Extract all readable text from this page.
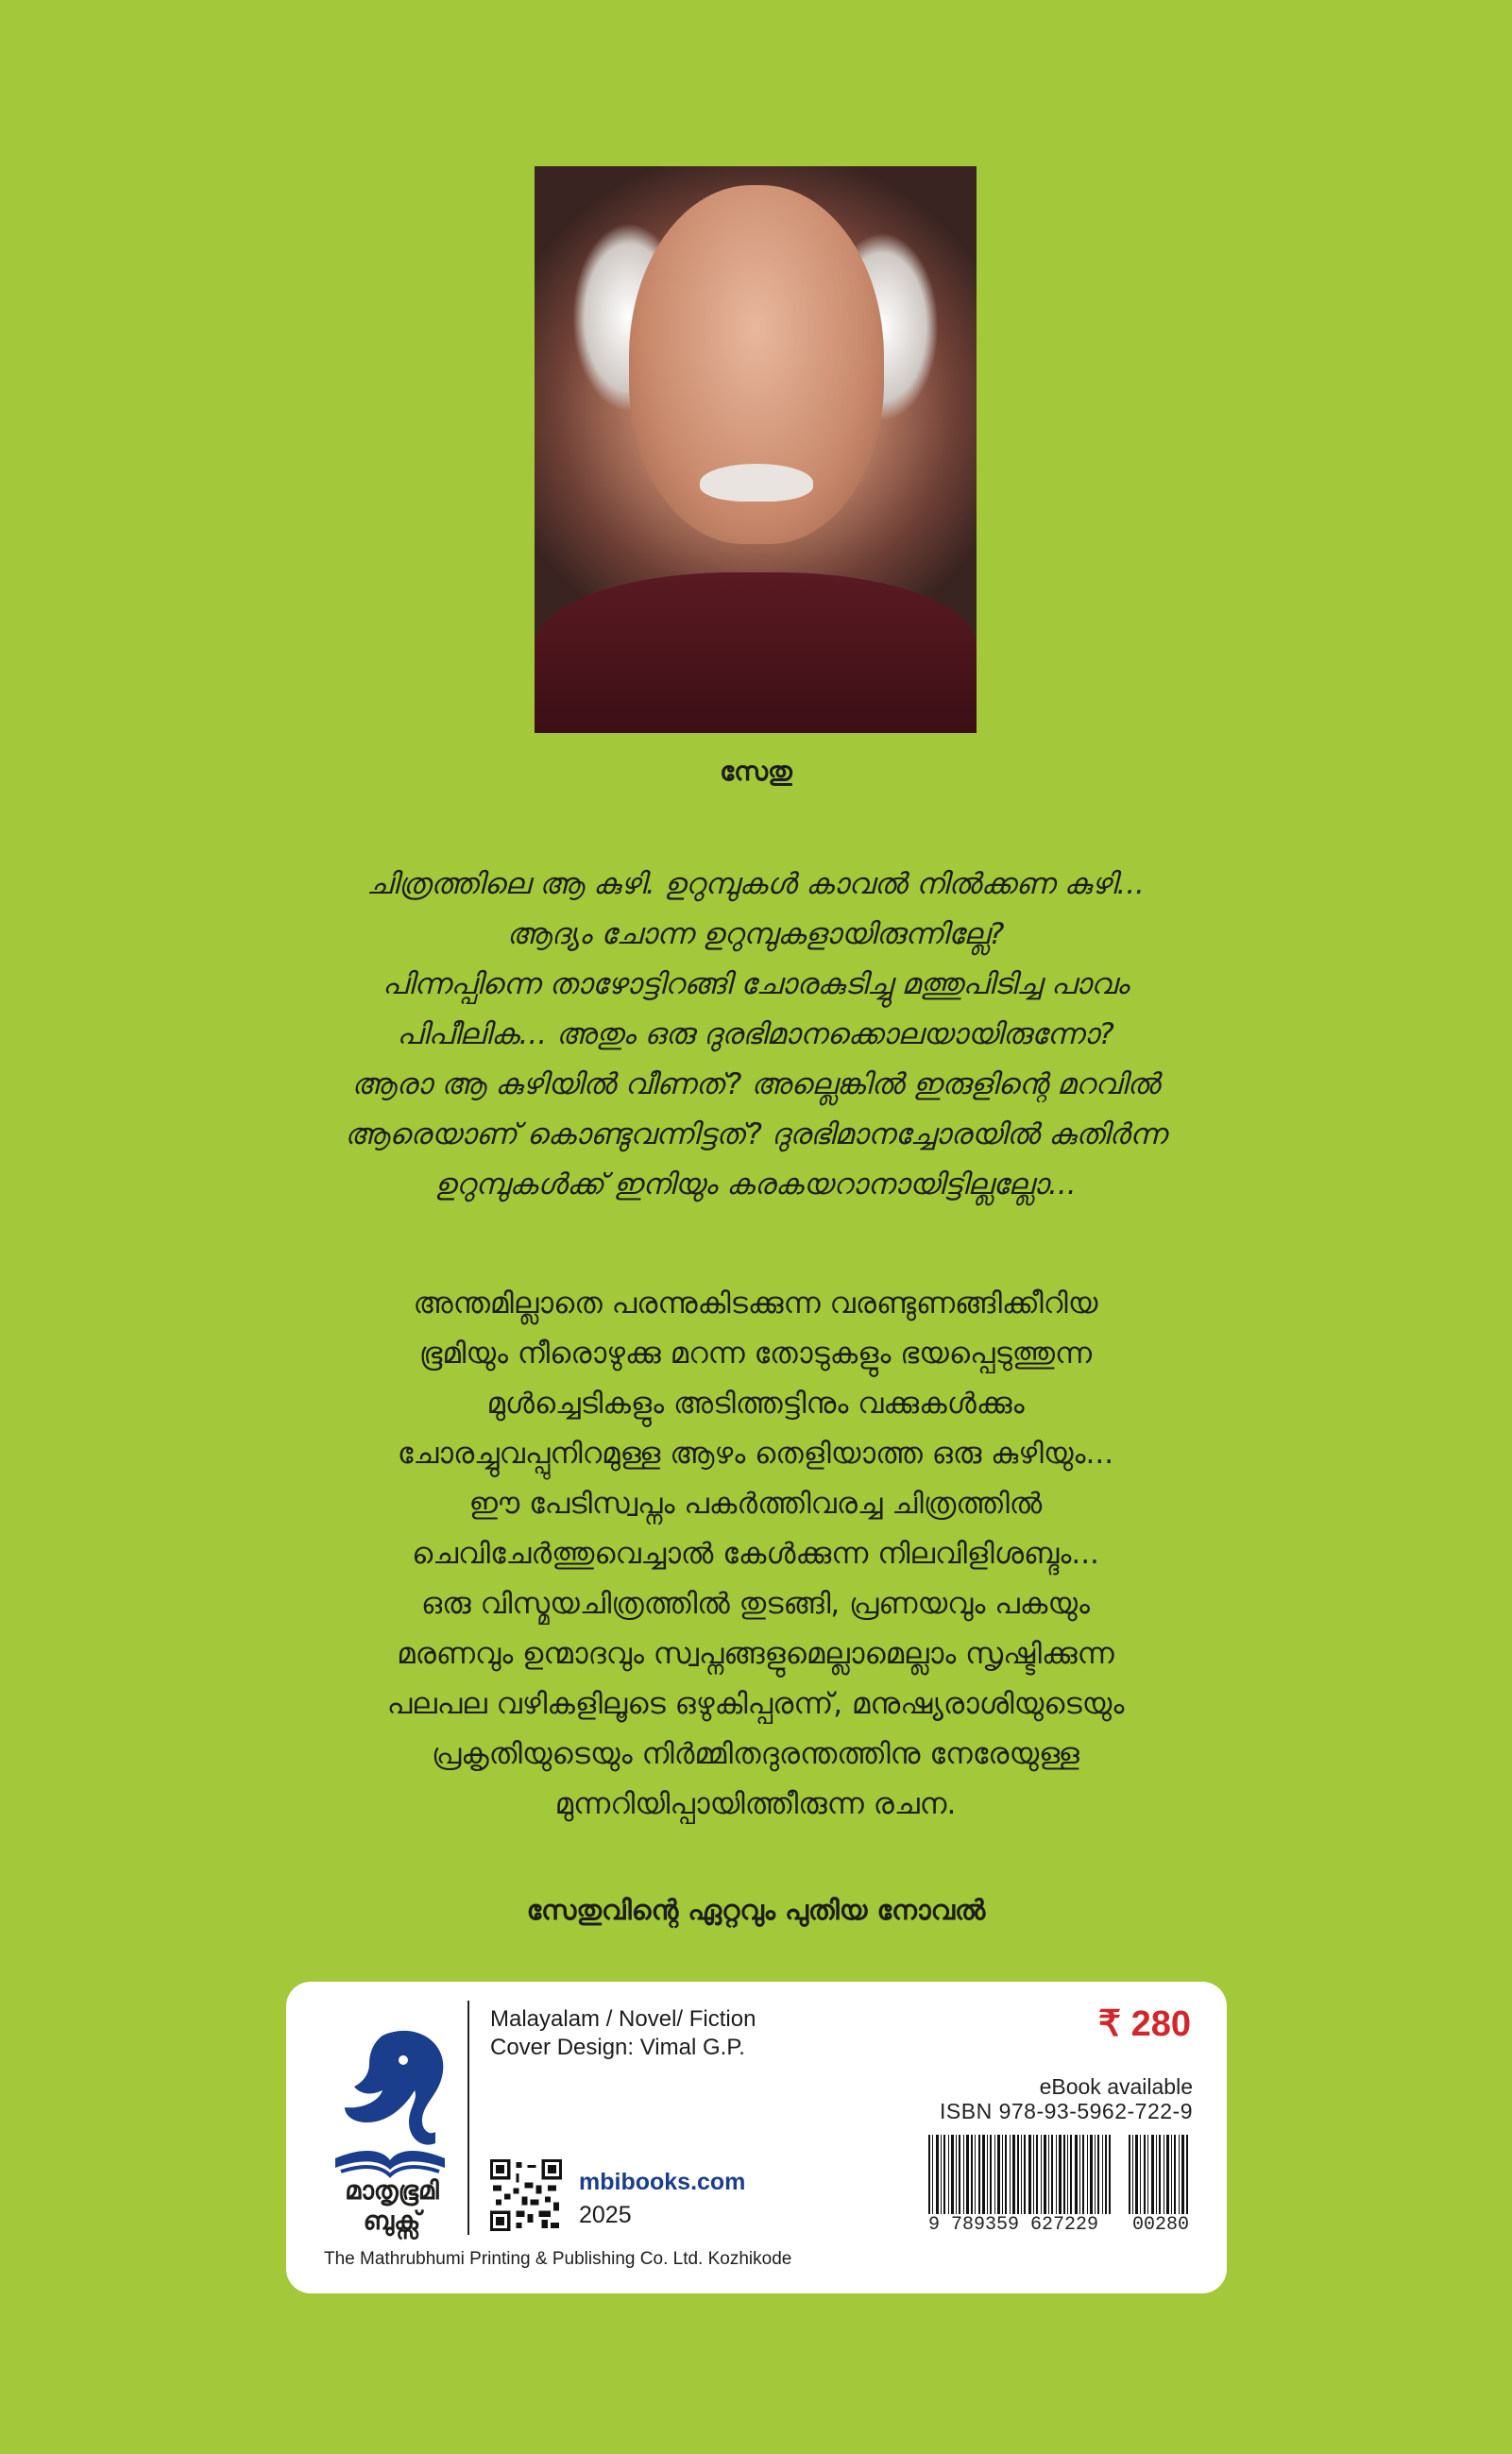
സേതു
ചിത്രത്തിലെ ആ കുഴി. ഉറുമ്പുകൾ കാവൽ നിൽക്കണ കുഴി...
ആദ്യം ചോന്ന ഉറുമ്പുകളായിരുന്നില്ലേ?
പിന്നപ്പിന്നെ താഴോട്ടിറങ്ങി ചോരകുടിച്ചു മത്തുപിടിച്ച പാവം
പിപീലിക... അതും ഒരു ദുരഭിമാനക്കൊലയായിരുന്നോ?
ആരാ ആ കുഴിയിൽ വീണത്? അല്ലെങ്കിൽ ഇരുളിന്റെ മറവിൽ
ആരെയാണ് കൊണ്ടുവന്നിട്ടത്? ദുരഭിമാനച്ചോരയിൽ കുതിർന്ന
ഉറുമ്പുകൾക്ക് ഇനിയും കരകയറാനായിട്ടില്ലല്ലോ...
അന്തമില്ലാതെ പരന്നുകിടക്കുന്ന വരണ്ടുണങ്ങിക്കീറിയ
ഭൂമിയും നീരൊഴുക്കു മറന്ന തോടുകളും ഭയപ്പെടുത്തുന്ന
മുൾച്ചെടികളും അടിത്തട്ടിനും വക്കുകൾക്കും
ചോരച്ചുവപ്പുനിറമുള്ള ആഴം തെളിയാത്ത ഒരു കുഴിയും...
ഈ പേടിസ്വപ്നം പകർത്തിവരച്ച ചിത്രത്തിൽ
ചെവിചേർത്തുവെച്ചാൽ കേൾക്കുന്ന നിലവിളിശബ്ദം...
ഒരു വിസ്മയചിത്രത്തിൽ തുടങ്ങി, പ്രണയവും പകയും
മരണവും ഉന്മാദവും സ്വപ്നങ്ങളുമെല്ലാമെല്ലാം സൃഷ്ടിക്കുന്ന
പലപല വഴികളിലൂടെ ഒഴുകിപ്പരന്ന്, മനുഷ്യരാശിയുടെയും
പ്രകൃതിയുടെയും നിർമ്മിതദുരന്തത്തിനു നേരേയുള്ള
മുന്നറിയിപ്പായിത്തീരുന്ന രചന.
സേതുവിന്റെ ഏറ്റവും പുതിയ നോവൽ
മാതൃഭൂമി
ബുക്സ്
The Mathrubhumi Printing & Publishing Co. Ltd. Kozhikode
Malayalam / Novel/ Fiction
Cover Design: Vimal G.P.
mbibooks.com
2025
₹ 280
eBook available
ISBN 978-93-5962-722-9
9 789359 627229 00280
